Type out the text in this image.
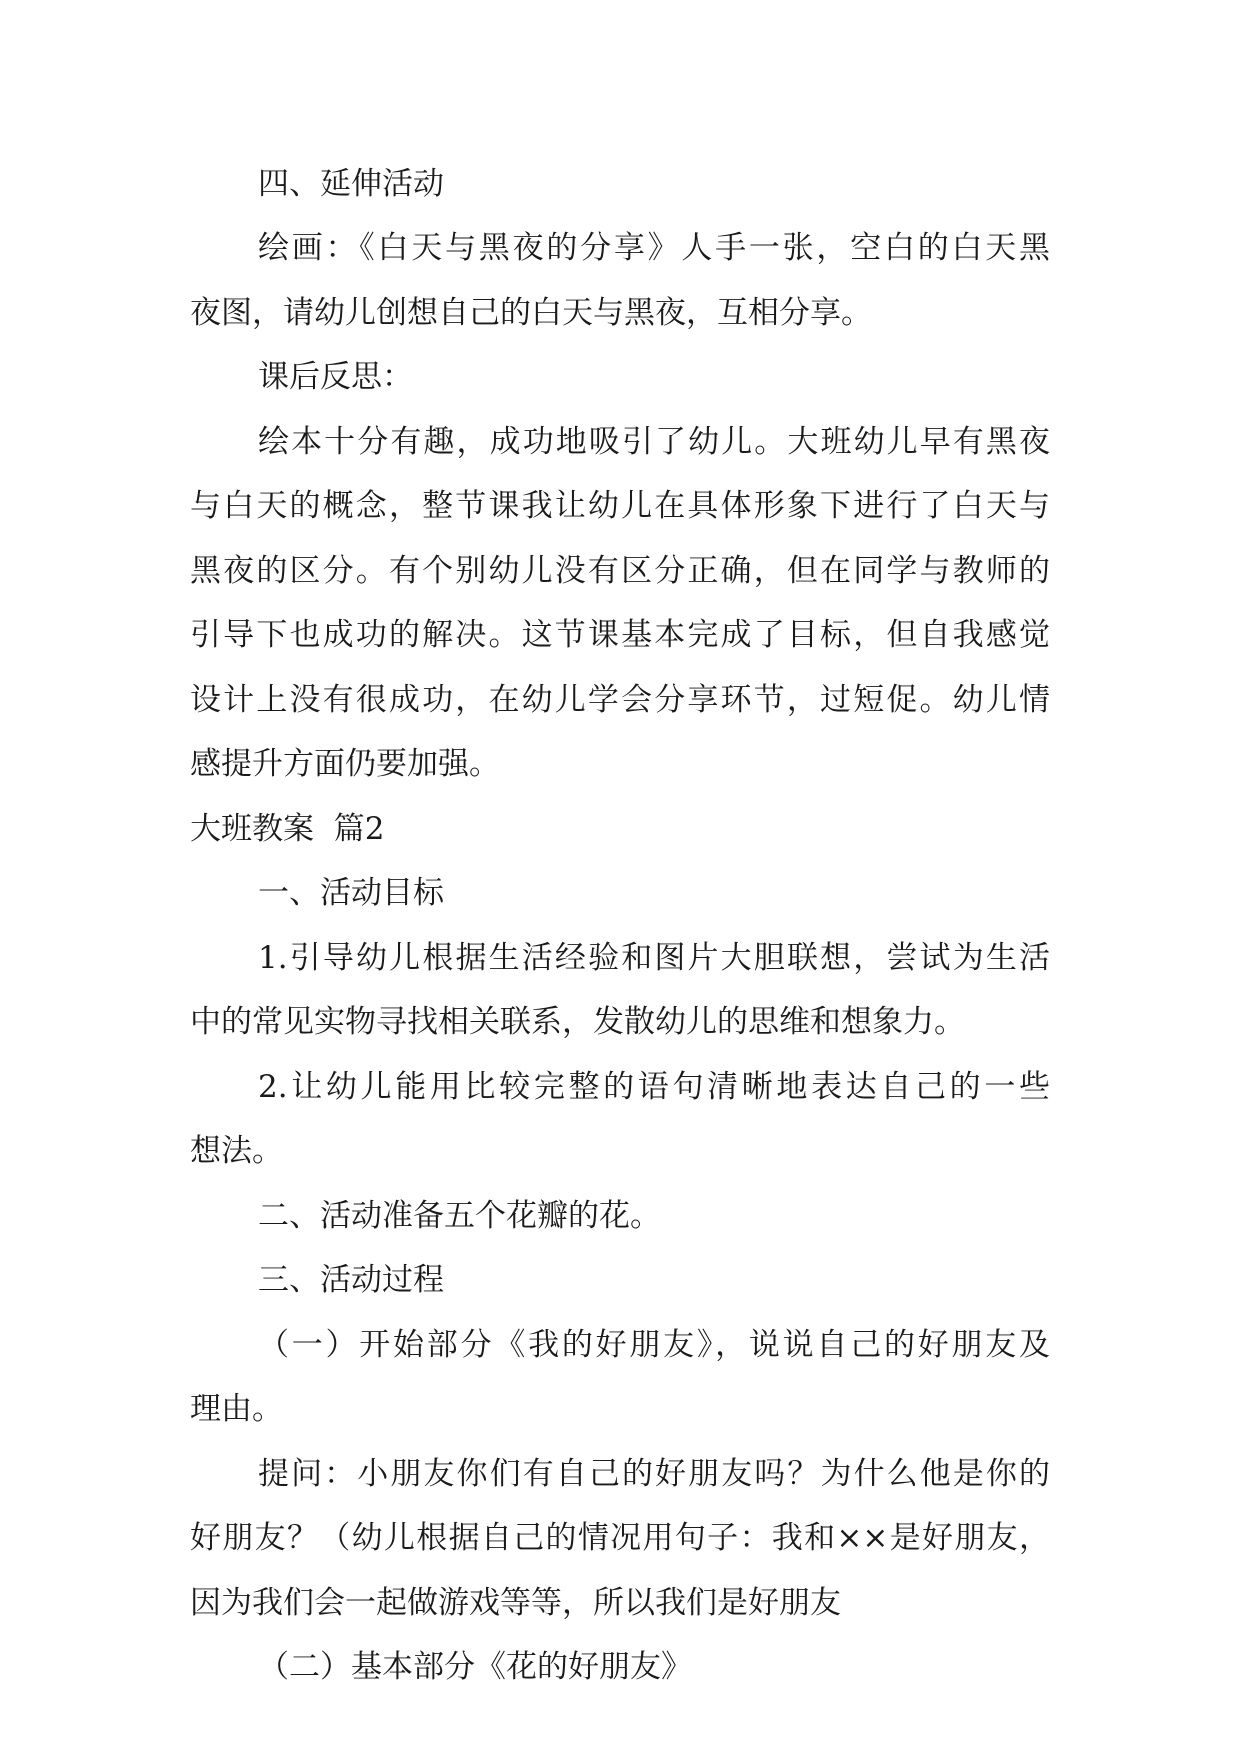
四、延伸活动

绘画：《白天与黑夜的分享》人手一张，空白的白天黑

夜图，请幼儿创想自己的白天与黑夜，互相分享。

课后反思：

绘本十分有趣，成功地吸引了幼儿。大班幼儿早有黑夜

与白天的概念，整节课我让幼儿在具体形象下进行了白天与

黑夜的区分。有个别幼儿没有区分正确，但在同学与教师的

引导下也成功的解决。这节课基本完成了目标，但自我感觉

设计上没有很成功，在幼儿学会分享环节，过短促。幼儿情

感提升方面仍要加强。

大班教案  篇2

一、活动目标

1.引导幼儿根据生活经验和图片大胆联想，尝试为生活

中的常见实物寻找相关联系，发散幼儿的思维和想象力。

2.让幼儿能用比较完整的语句清晰地表达自己的一些

想法。

二、活动准备五个花瓣的花。

三、活动过程

（一）开始部分《我的好朋友》，说说自己的好朋友及

理由。

提问：小朋友你们有自己的好朋友吗？为什么他是你的

好朋友？（幼儿根据自己的情况用句子：我和××是好朋友，

因为我们会一起做游戏等等，所以我们是好朋友

（二）基本部分《花的好朋友》
